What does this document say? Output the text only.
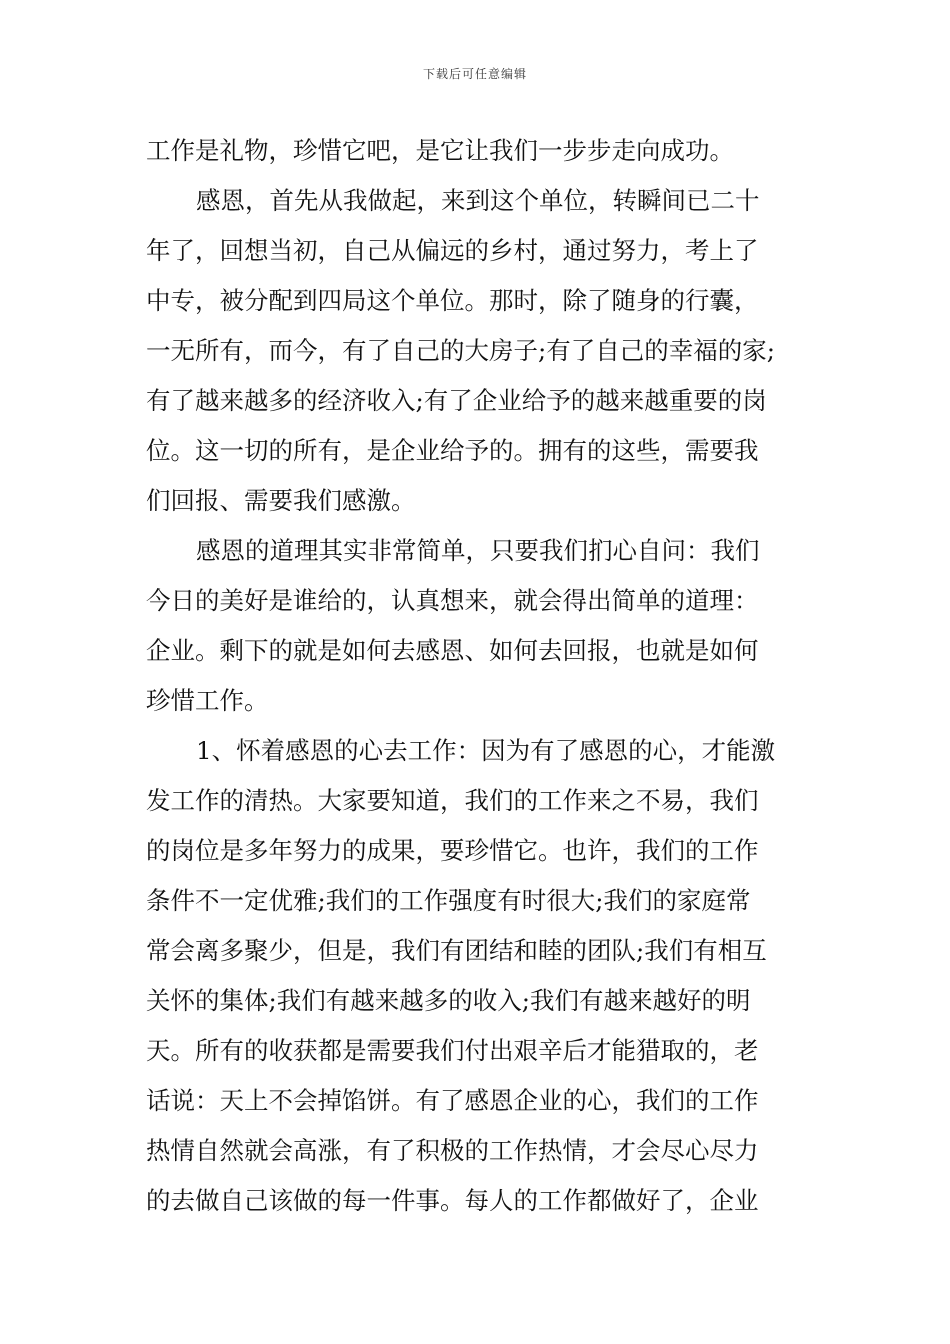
下载后可任意编辑
工作是礼物，珍惜它吧，是它让我们一步步走向成功。
感恩，首先从我做起，来到这个单位，转瞬间已二十
年了，回想当初，自己从偏远的乡村，通过努力，考上了
中专，被分配到四局这个单位。那时，除了随身的行囊，
一无所有，而今，有了自己的大房子;有了自己的幸福的家;
有了越来越多的经济收入;有了企业给予的越来越重要的岗
位。这一切的所有，是企业给予的。拥有的这些，需要我
们回报、需要我们感激。
感恩的道理其实非常简单，只要我们扪心自问：我们
今日的美好是谁给的，认真想来，就会得出简单的道理：
企业。剩下的就是如何去感恩、如何去回报，也就是如何
珍惜工作。
1、怀着感恩的心去工作：因为有了感恩的心，才能激
发工作的清热。大家要知道，我们的工作来之不易，我们
的岗位是多年努力的成果，要珍惜它。也许，我们的工作
条件不一定优雅;我们的工作强度有时很大;我们的家庭常
常会离多聚少，但是，我们有团结和睦的团队;我们有相互
关怀的集体;我们有越来越多的收入;我们有越来越好的明
天。所有的收获都是需要我们付出艰辛后才能猎取的，老
话说：天上不会掉馅饼。有了感恩企业的心，我们的工作
热情自然就会高涨，有了积极的工作热情，才会尽心尽力
的去做自己该做的每一件事。每人的工作都做好了，企业
